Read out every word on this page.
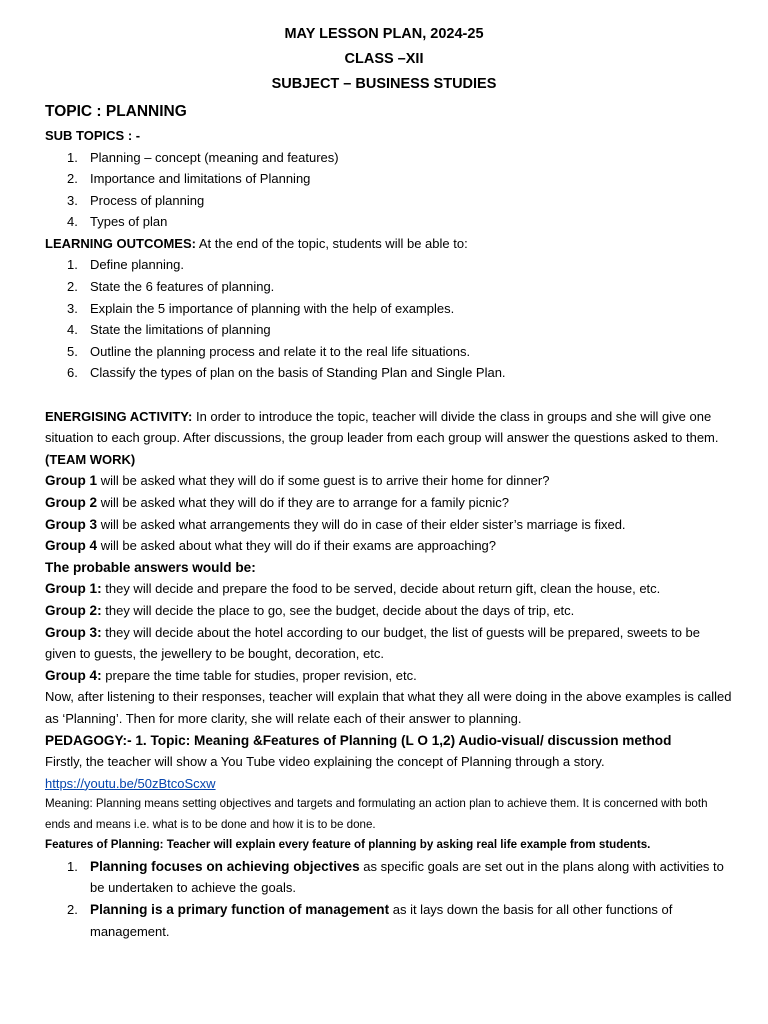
MAY LESSON PLAN, 2024-25
CLASS –XII
SUBJECT – BUSINESS STUDIES
TOPIC : PLANNING
SUB TOPICS : -
1. Planning – concept (meaning and features)
2. Importance and limitations of Planning
3. Process of planning
4. Types of plan

LEARNING OUTCOMES: At the end of the topic, students will be able to:

1. Define planning.
2. State the 6 features of planning.
3. Explain the 5 importance of planning with the help of examples.
4. State the limitations of planning
5. Outline the planning process and relate it to the real life situations.
6. Classify the types of plan on the basis of Standing Plan and Single Plan.

ENERGISING ACTIVITY: In order to introduce the topic, teacher will divide the class in groups and she will give one situation to each group. After discussions, the group leader from each group will answer the questions asked to them. (TEAM WORK)

Group 1 will be asked what they will do if some guest is to arrive their home for dinner?

Group 2 will be asked what they will do if they are to arrange for a family picnic?

Group 3 will be asked what arrangements they will do in case of their elder sister’s marriage is fixed.

Group 4 will be asked about what they will do if their exams are approaching?

The probable answers would be:

Group 1: they will decide and prepare the food to be served, decide about return gift, clean the house, etc.

Group 2: they will decide the place to go, see the budget, decide about the days of trip, etc.

Group 3: they will decide about the hotel according to our budget, the list of guests will be prepared, sweets to be given to guests, the jewellery to be bought, decoration, etc.

Group 4: prepare the time table for studies, proper revision, etc.

Now, after listening to their responses, teacher will explain that what they all were doing in the above examples is called as ‘Planning’. Then for more clarity, she will relate each of their answer to planning.

PEDAGOGY:- 1. Topic: Meaning &Features of Planning (L O 1,2) Audio-visual/ discussion method

Firstly, the teacher will show a You Tube video explaining the concept of Planning through a story.

https://youtu.be/50zBtcoScxw

Meaning: Planning means setting objectives and targets and formulating an action plan to achieve them. It is concerned with both ends and means i.e. what is to be done and how it is to be done.

Features of Planning: Teacher will explain every feature of planning by asking real life example from students.

1. Planning focuses on achieving objectives as specific goals are set out in the plans along with activities to be undertaken to achieve the goals.
2. Planning is a primary function of management as it lays down the basis for all other functions of management.
